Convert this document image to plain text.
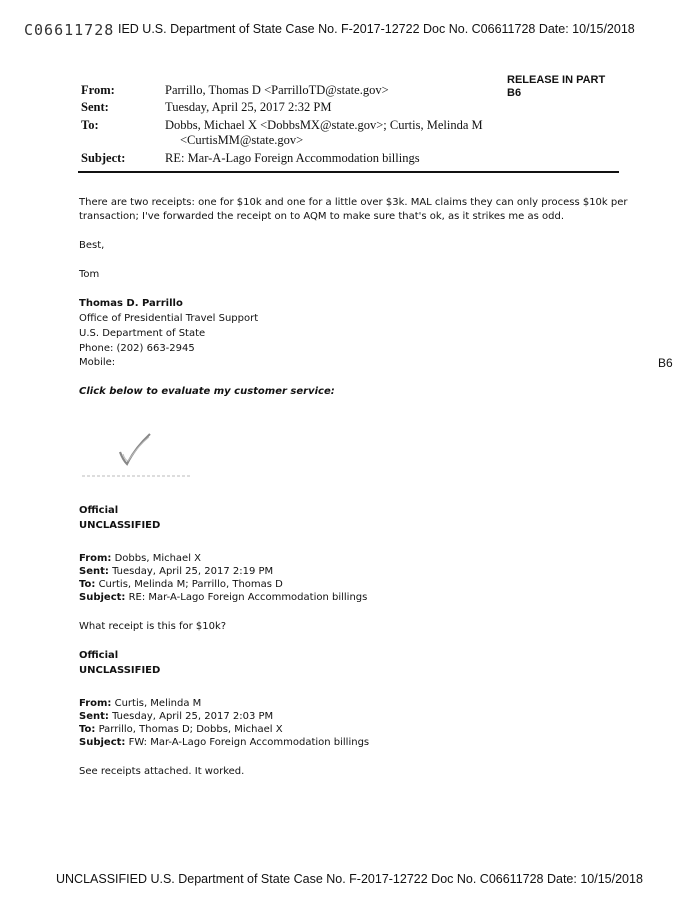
C06611728 IED U.S. Department of State Case No. F-2017-12722 Doc No. C06611728 Date: 10/15/2018
RELEASE IN PART
B6
From:	Parrillo, Thomas D <ParrilloTD@state.gov>
Sent:	Tuesday, April 25, 2017 2:32 PM
To:	Dobbs, Michael X <DobbsMX@state.gov>; Curtis, Melinda M
<CurtisMM@state.gov>
Subject:	RE: Mar-A-Lago Foreign Accommodation billings
There are two receipts: one for $10k and one for a little over $3k. MAL claims they can only process $10k per
transaction; I've forwarded the receipt on to AQM to make sure that's ok, as it strikes me as odd.
Best,
Tom
Thomas D. Parrillo
Office of Presidential Travel Support
U.S. Department of State
Phone: (202) 663-2945
Mobile:	B6
Click below to evaluate my customer service:
Official
UNCLASSIFIED
From: Dobbs, Michael X
Sent: Tuesday, April 25, 2017 2:19 PM
To: Curtis, Melinda M; Parrillo, Thomas D
Subject: RE: Mar-A-Lago Foreign Accommodation billings
What receipt is this for $10k?
Official
UNCLASSIFIED
From: Curtis, Melinda M
Sent: Tuesday, April 25, 2017 2:03 PM
To: Parrillo, Thomas D; Dobbs, Michael X
Subject: FW: Mar-A-Lago Foreign Accommodation billings
See receipts attached. It worked.
UNCLASSIFIED U.S. Department of State Case No. F-2017-12722 Doc No. C06611728 Date: 10/15/2018
